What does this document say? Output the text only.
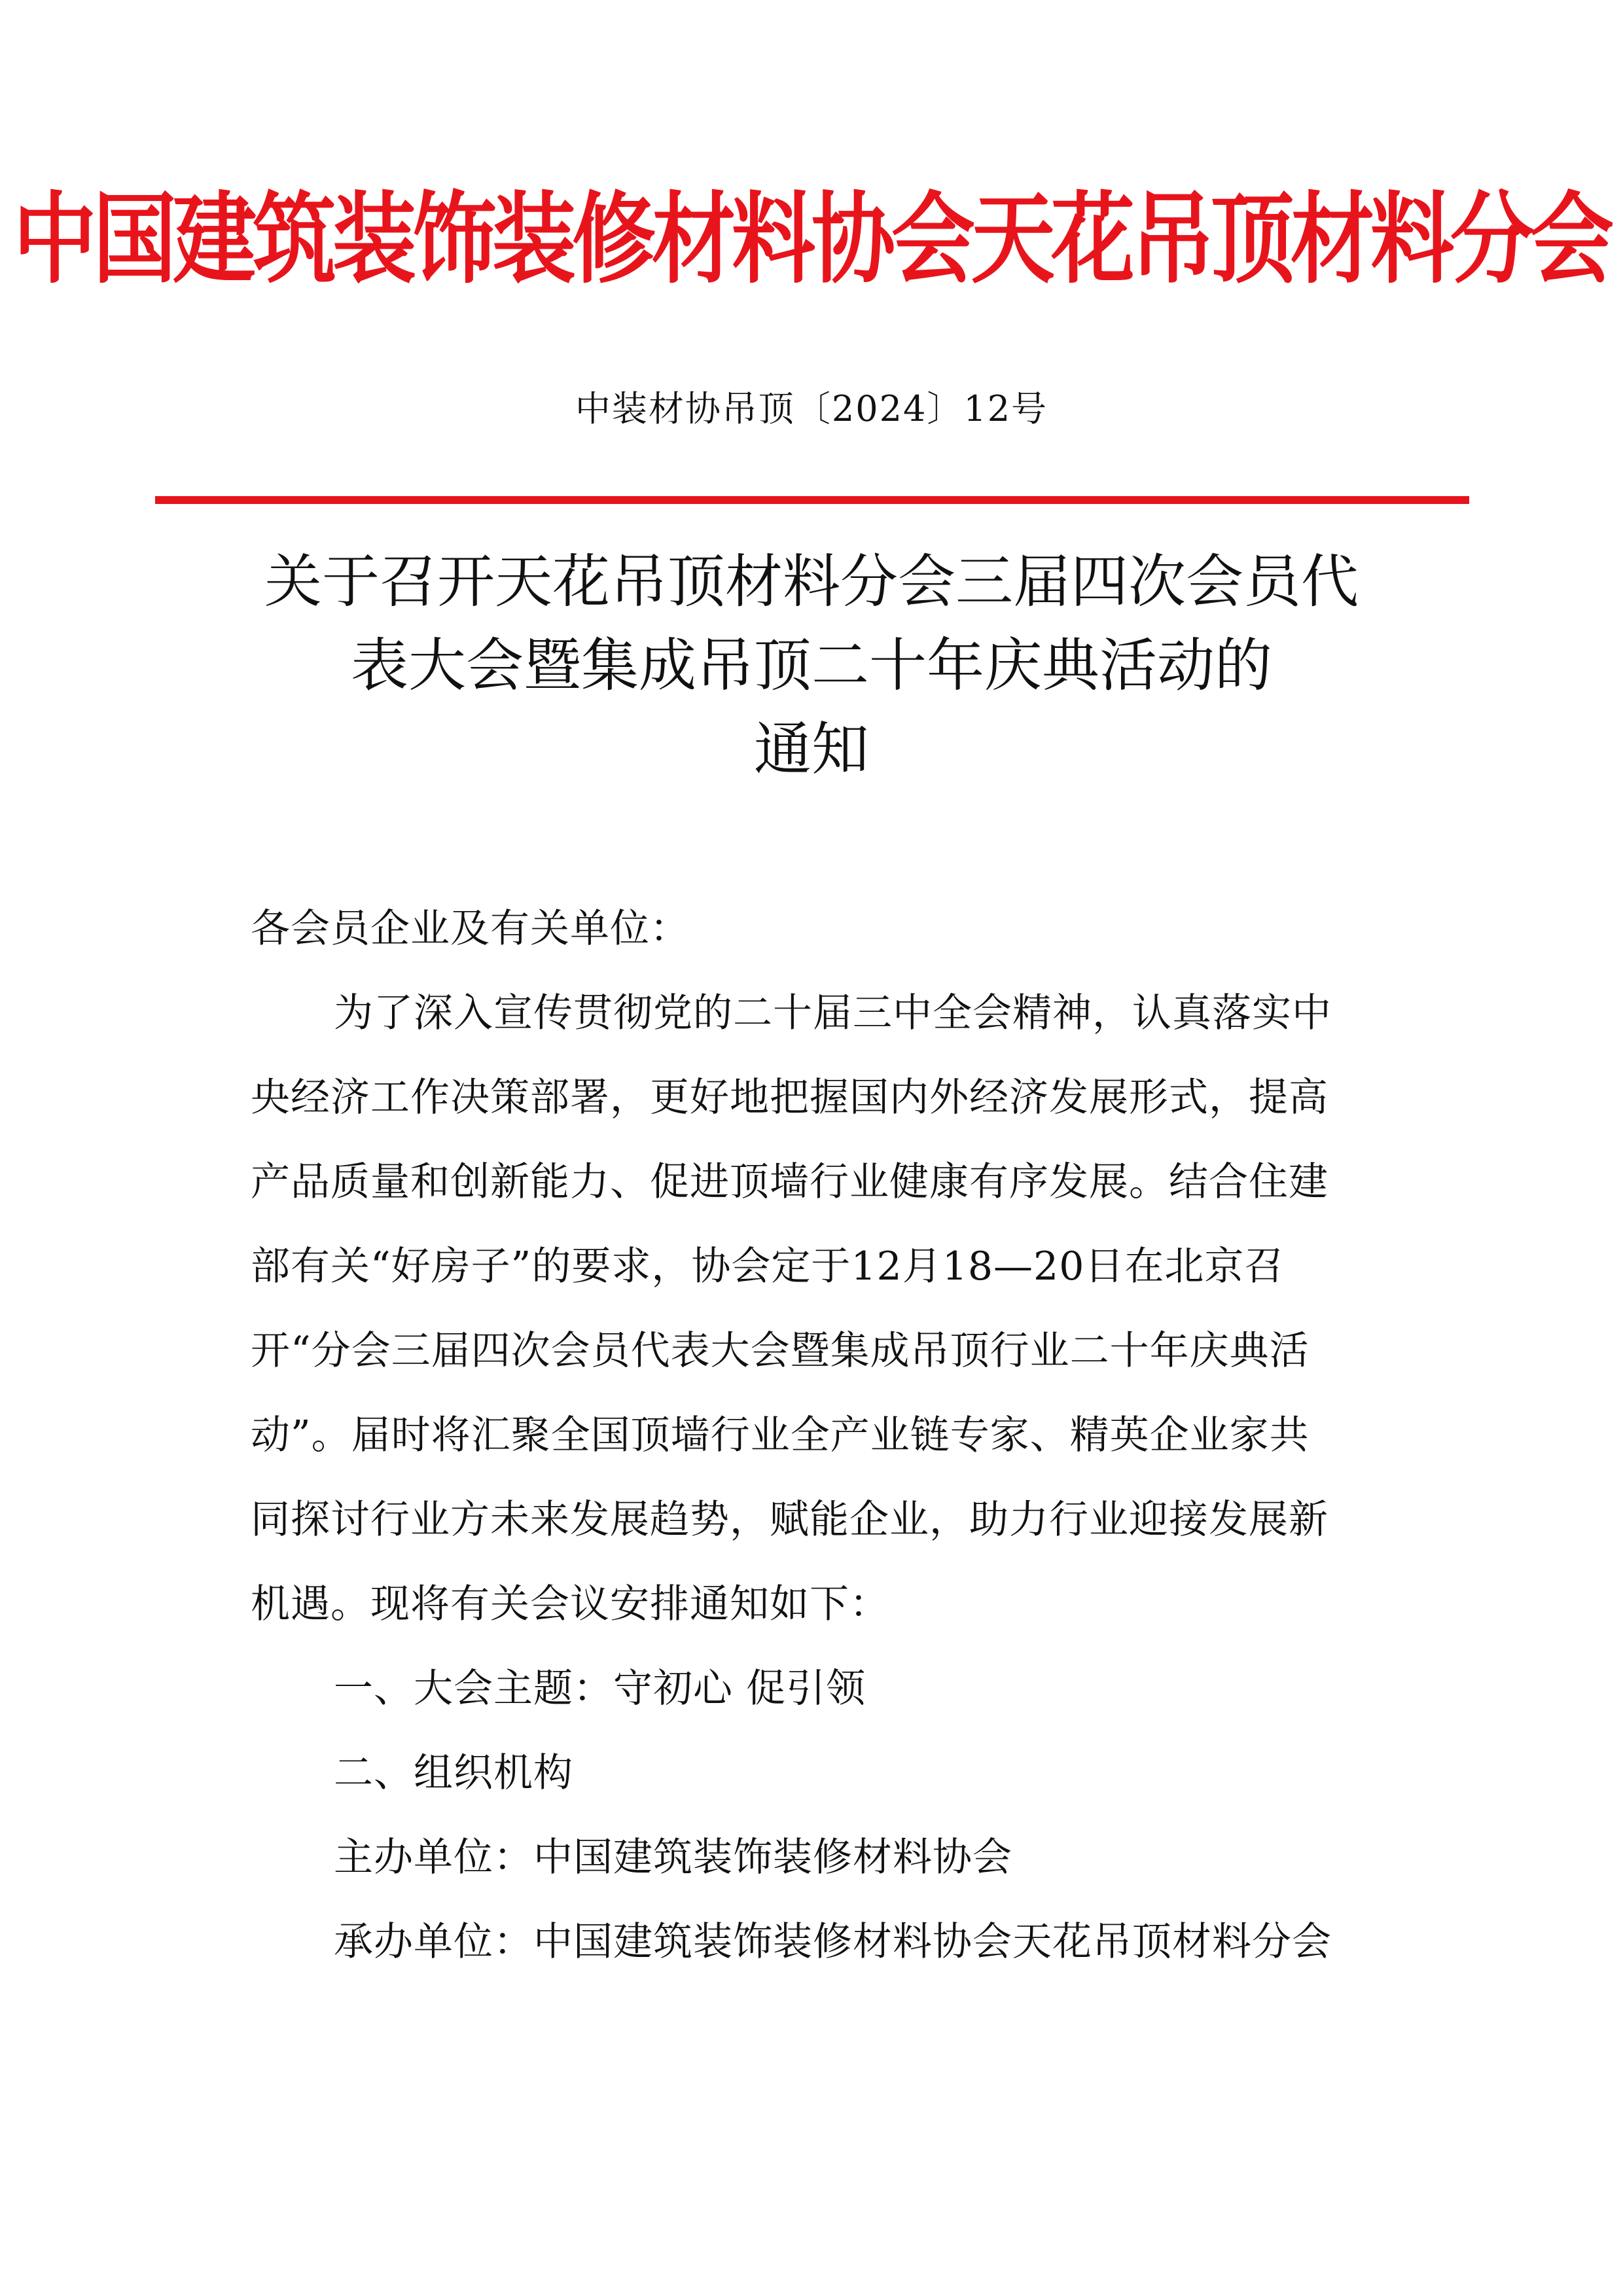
中国建筑装饰装修材料协会天花吊顶材料分会
中装材协吊顶〔2024〕12号
关于召开天花吊顶材料分会三届四次会员代
表大会暨集成吊顶二十年庆典活动的
通知

各会员企业及有关单位：

为了深入宣传贯彻党的二十届三中全会精神，认真落实中

央经济工作决策部署，更好地把握国内外经济发展形式，提高

产品质量和创新能力、促进顶墙行业健康有序发展。结合住建

部有关“好房子”的要求，协会定于12月18—20日在北京召

开“分会三届四次会员代表大会暨集成吊顶行业二十年庆典活

动”。届时将汇聚全国顶墙行业全产业链专家、精英企业家共

同探讨行业方未来发展趋势，赋能企业，助力行业迎接发展新

机遇。现将有关会议安排通知如下：

一、大会主题：守初心 促引领

二、组织机构

主办单位：中国建筑装饰装修材料协会

承办单位：中国建筑装饰装修材料协会天花吊顶材料分会
